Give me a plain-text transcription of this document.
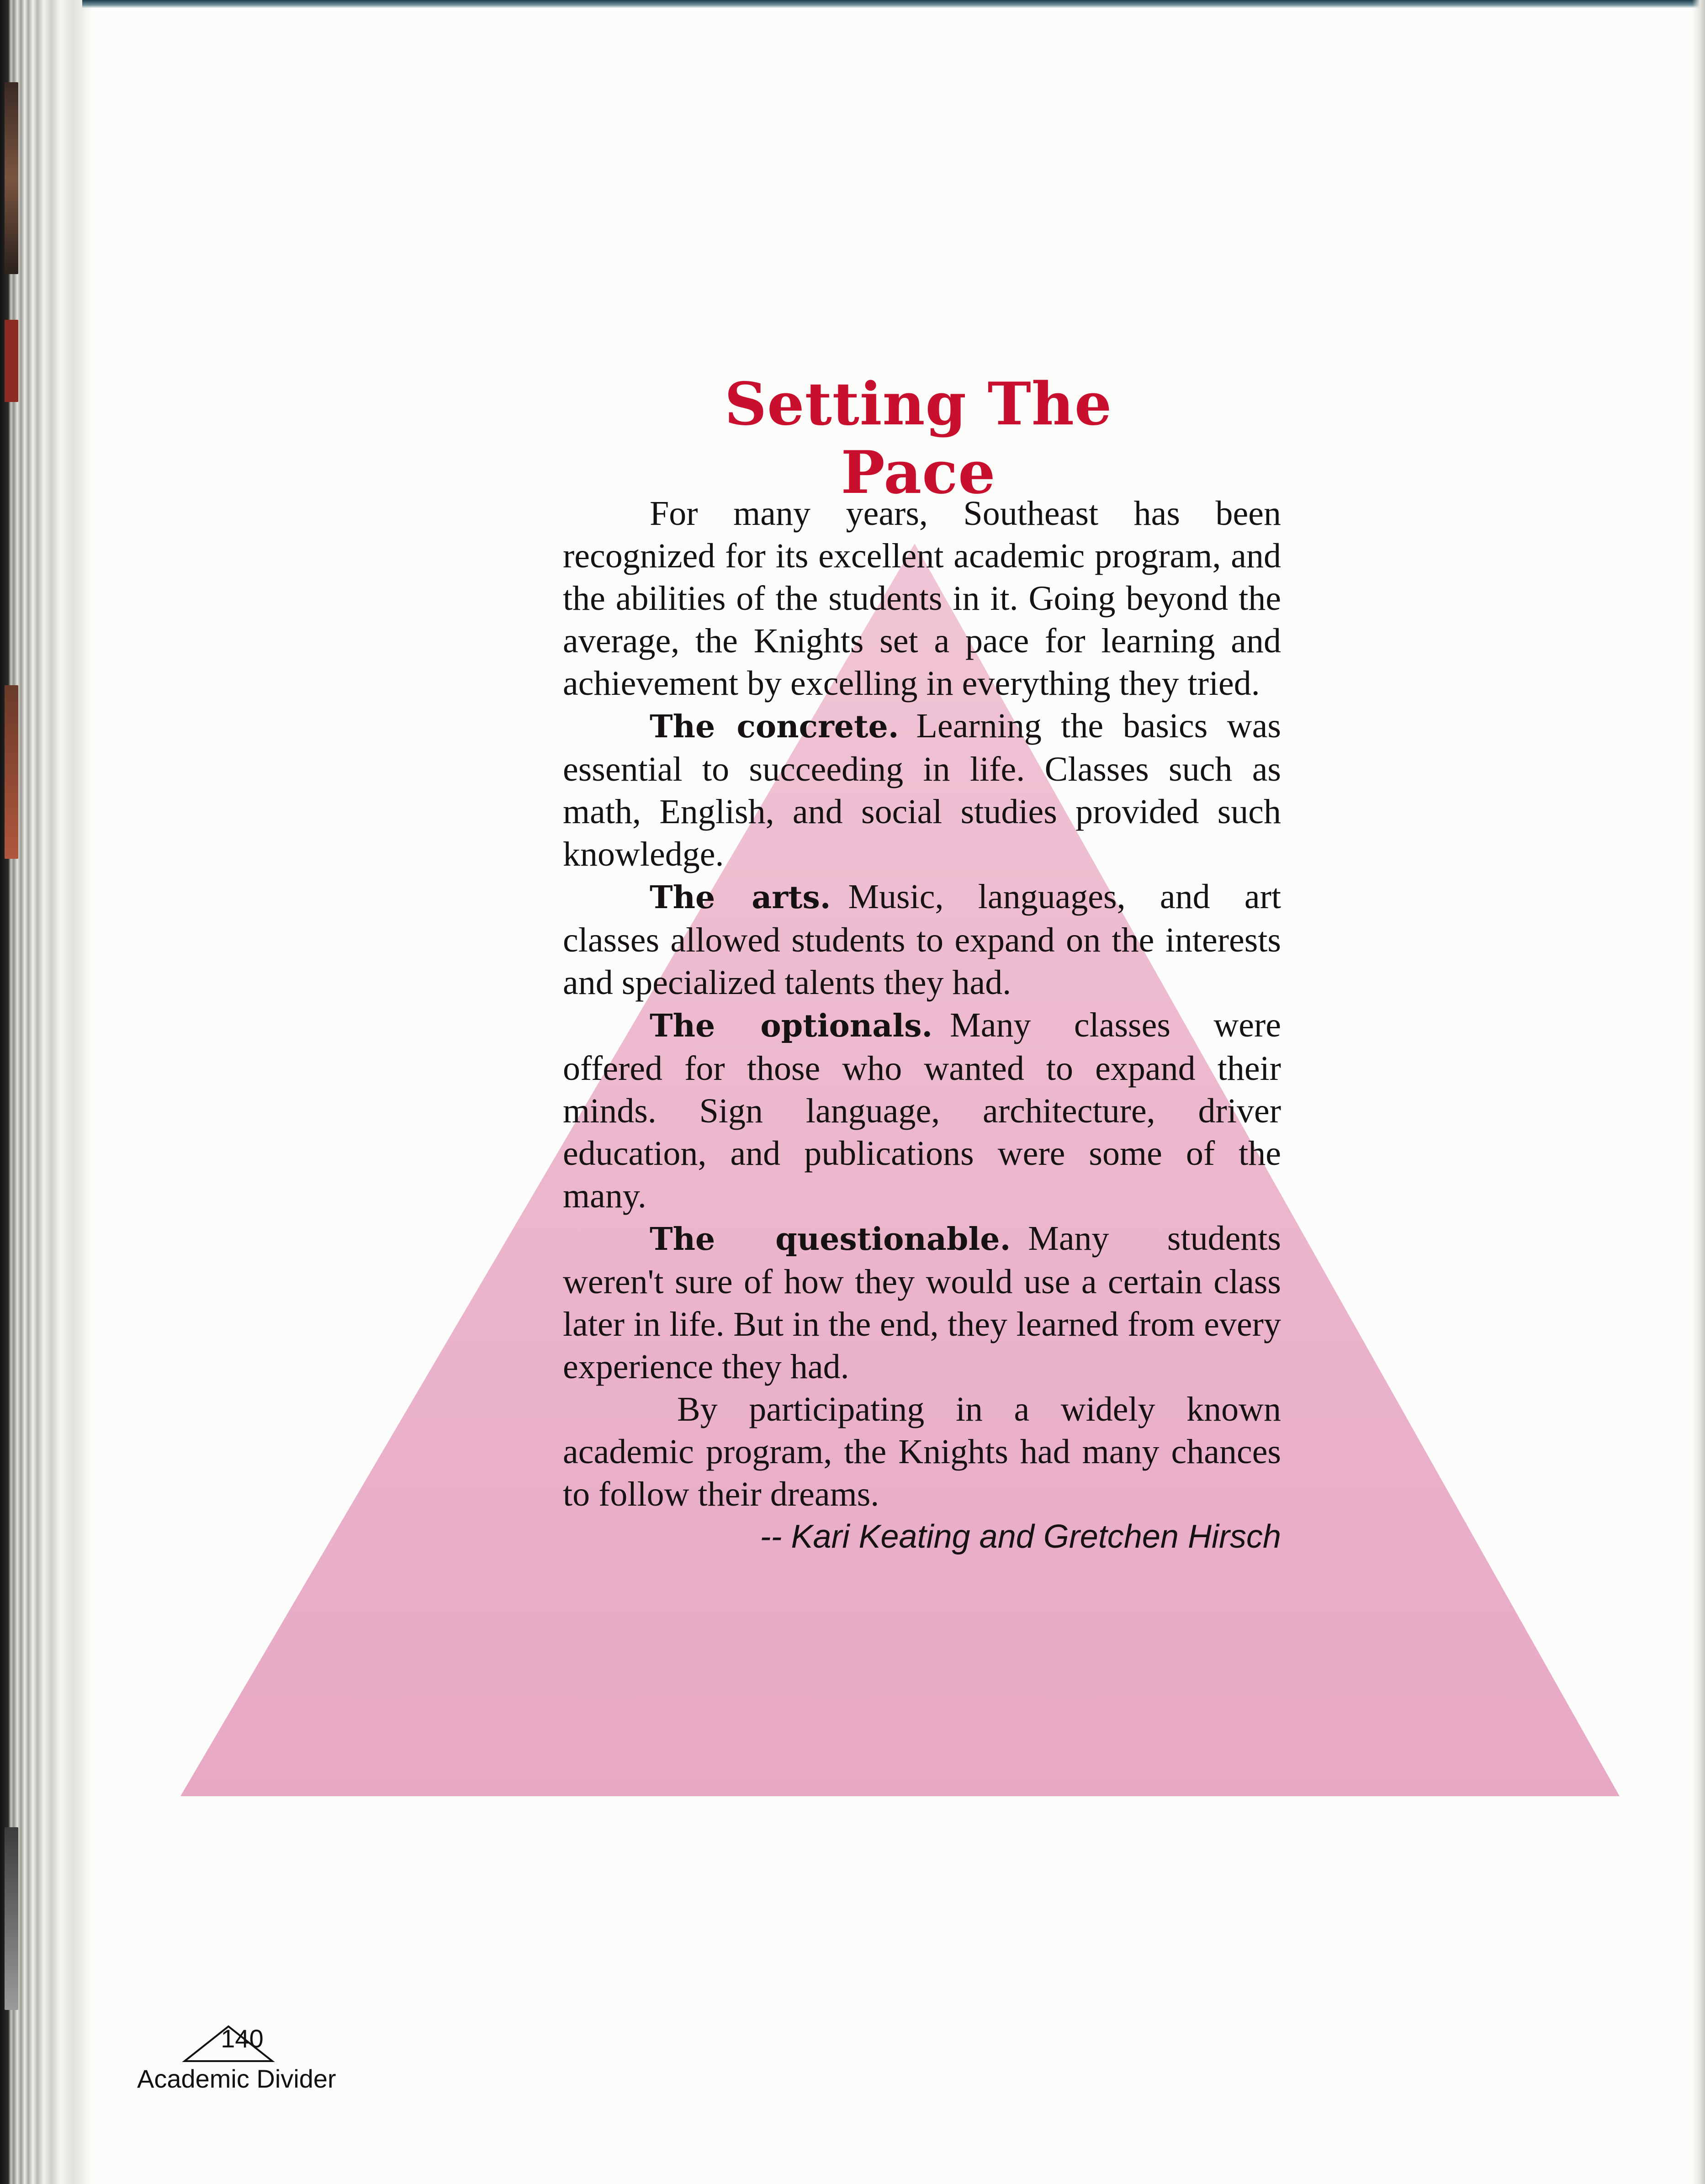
Setting The Pace

For many years, Southeast has been recognized for its excellent academic program, and the abilities of the students in it. Going beyond the average, the Knights set a pace for learning and achievement by excelling in everything they tried.

The concrete.  Learning the basics was essential to succeeding in life. Classes such as math, English, and social studies provided such knowledge.

The arts.  Music, languages, and art classes allowed students to expand on the interests and specialized talents they had.

The optionals.  Many classes were offered for those who wanted to expand their minds. Sign language, architecture, driver education, and publications were some of the many.

The questionable.  Many students weren't sure of how they would use a certain class later in life. But in the end, they learned from every experience they had.

By participating in a widely known academic program, the Knights had many chances to follow their dreams.

-- Kari Keating and Gretchen Hirsch

140
Academic Divider
